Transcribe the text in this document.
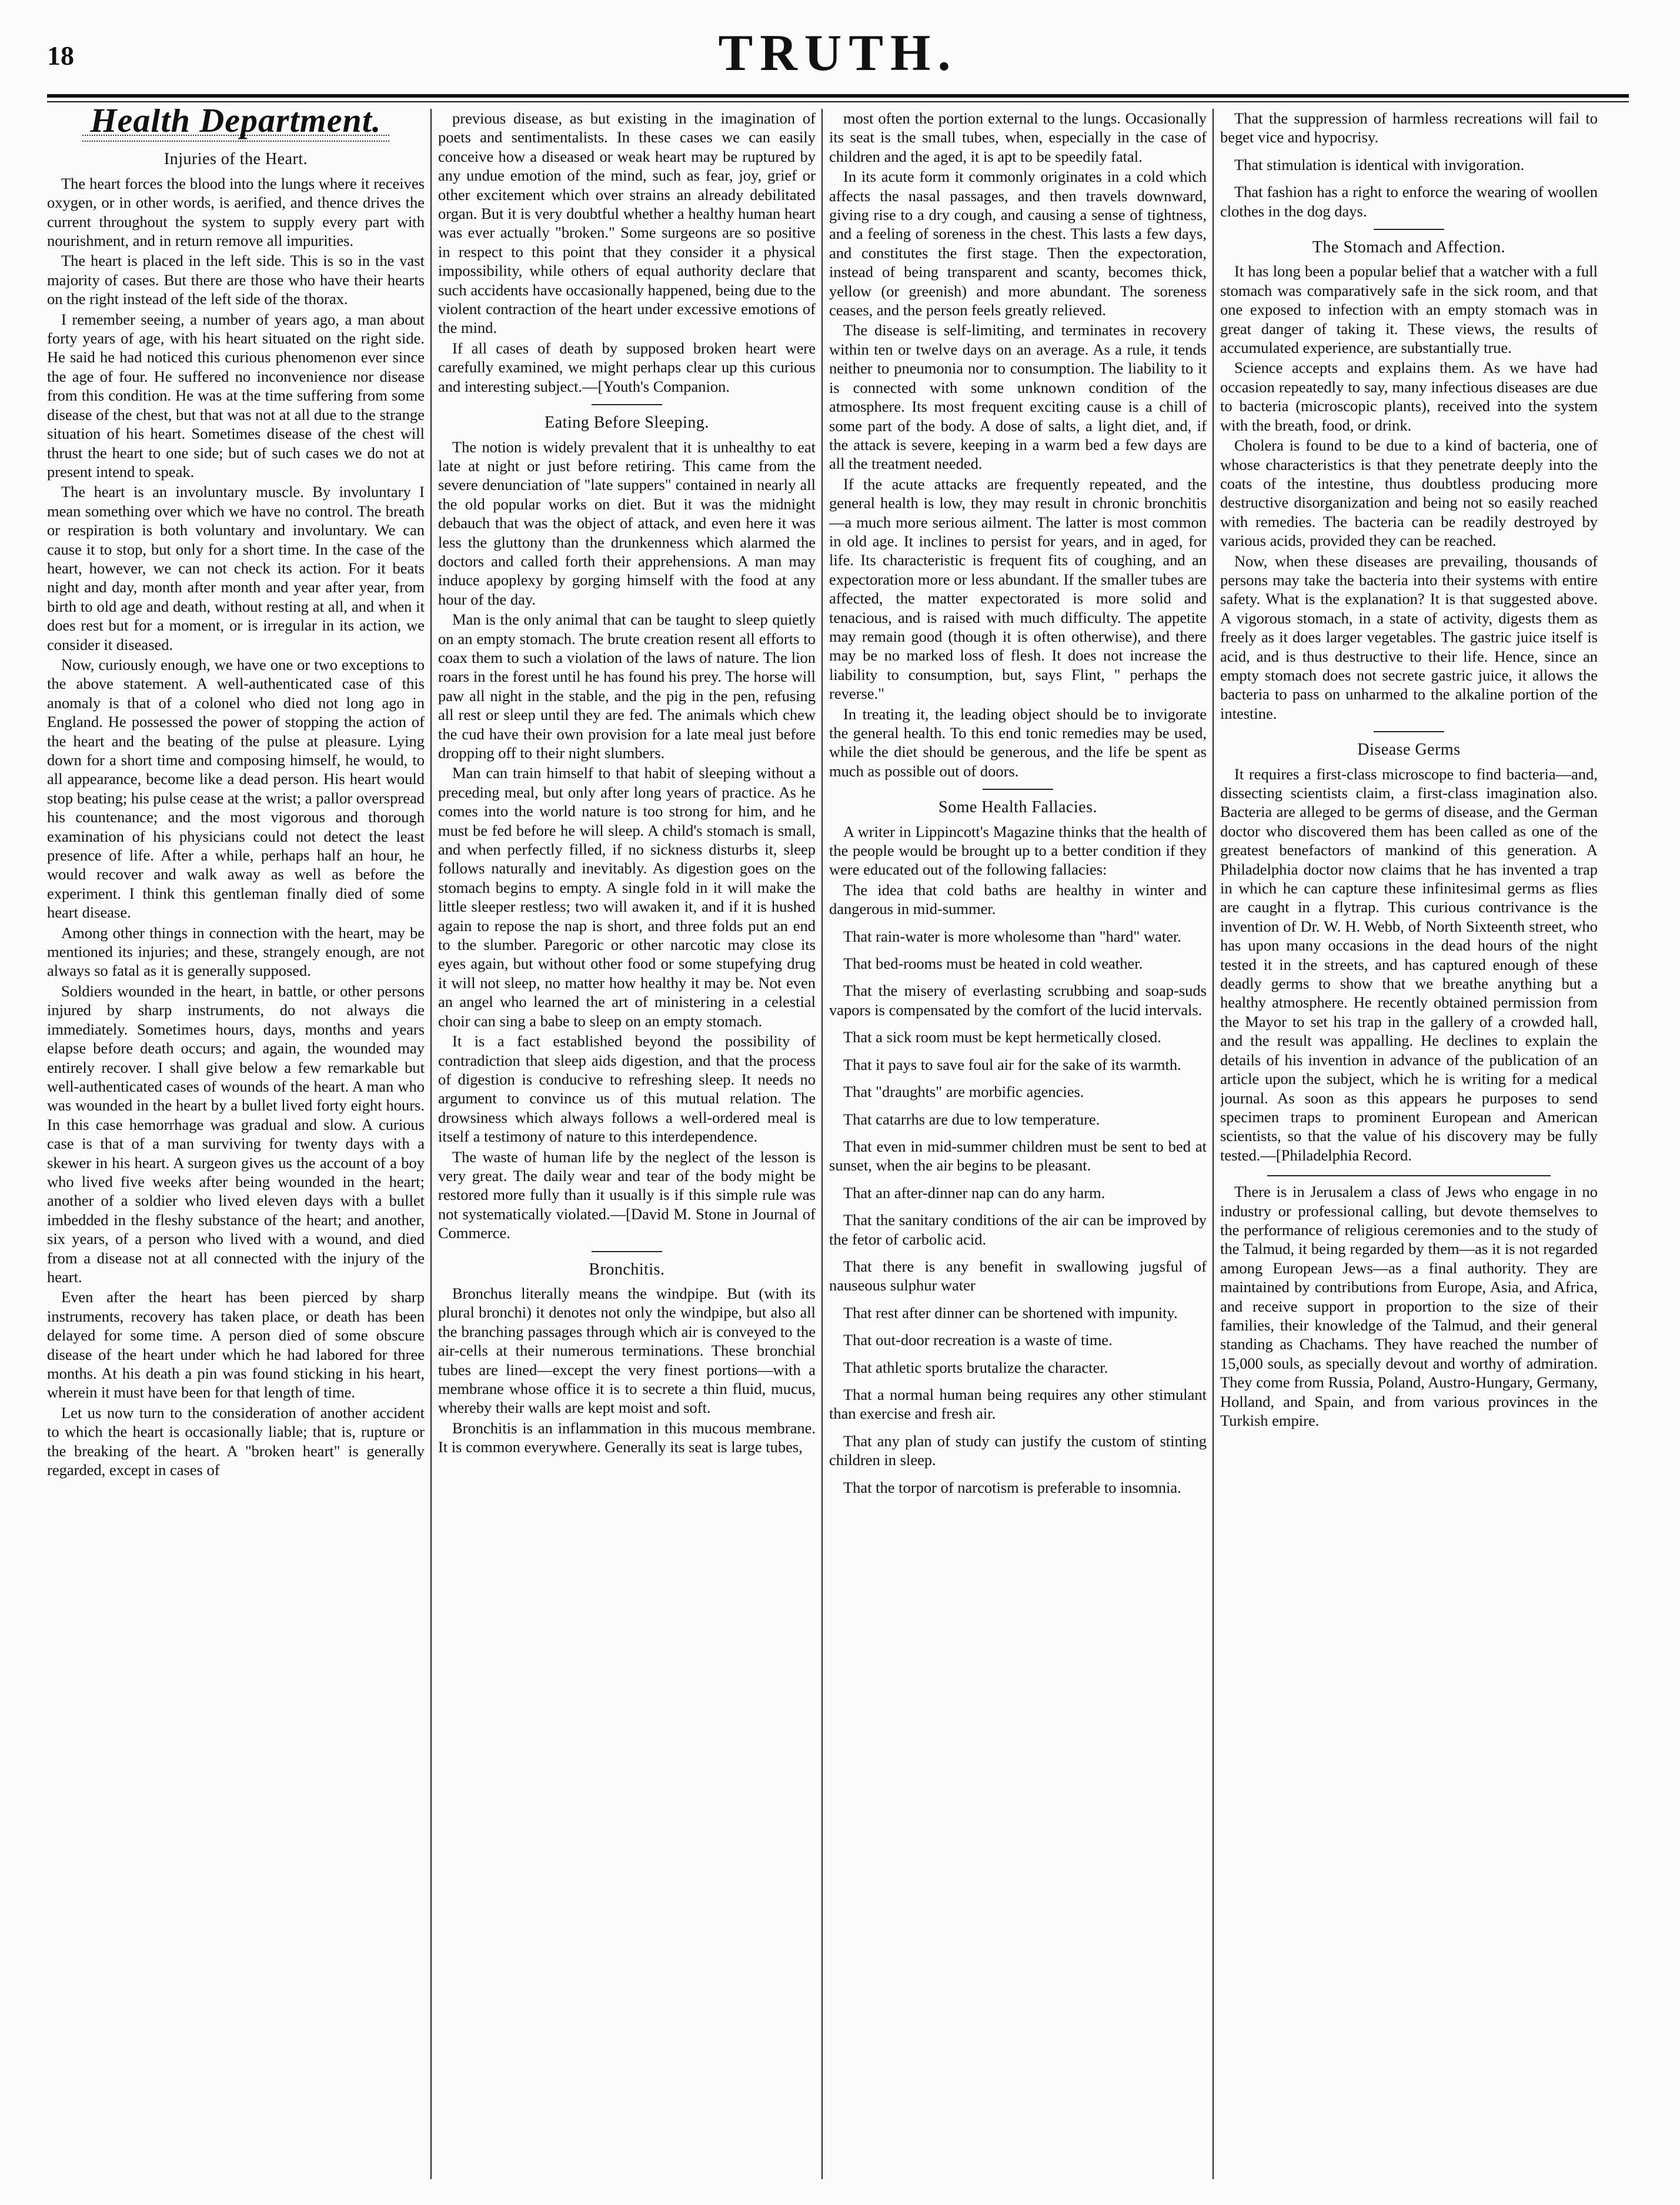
18	TRUTH.
Health Department.
Injuries of the Heart.

The heart forces the blood into the lungs where it receives oxygen, or in other words, is aerified, and thence drives the current throughout the system to supply every part with nourishment, and in return remove all impurities.

The heart is placed in the left side. This is so in the vast majority of cases. But there are those who have their hearts on the right instead of the left side of the thorax.

I remember seeing, a number of years ago, a man about forty years of age, with his heart situated on the right side. He said he had noticed this curious phenomenon ever since the age of four. He suffered no inconvenience nor disease from this condition. He was at the time suffering from some disease of the chest, but that was not at all due to the strange situation of his heart. Sometimes disease of the chest will thrust the heart to one side; but of such cases we do not at present intend to speak.

The heart is an involuntary muscle. By involuntary I mean something over which we have no control. The breath or respiration is both voluntary and involuntary. We can cause it to stop, but only for a short time. In the case of the heart, however, we can not check its action. For it beats night and day, month after month and year after year, from birth to old age and death, without resting at all, and when it does rest but for a moment, or is irregular in its action, we consider it diseased.

Now, curiously enough, we have one or two exceptions to the above statement. A well-authenticated case of this anomaly is that of a colonel who died not long ago in England. He possessed the power of stopping the action of the heart and the beating of the pulse at pleasure. Lying down for a short time and composing himself, he would, to all appearance, become like a dead person. His heart would stop beating; his pulse cease at the wrist; a pallor overspread his countenance; and the most vigorous and thorough examination of his physicians could not detect the least presence of life. After a while, perhaps half an hour, he would recover and walk away as well as before the experiment. I think this gentleman finally died of some heart disease.

Among other things in connection with the heart, may be mentioned its injuries; and these, strangely enough, are not always so fatal as it is generally supposed.

Soldiers wounded in the heart, in battle, or other persons injured by sharp instruments, do not always die immediately. Sometimes hours, days, months and years elapse before death occurs; and again, the wounded may entirely recover. I shall give below a few remarkable but well-authenticated cases of wounds of the heart. A man who was wounded in the heart by a bullet lived forty eight hours. In this case hemorrhage was gradual and slow. A curious case is that of a man surviving for twenty days with a skewer in his heart. A surgeon gives us the account of a boy who lived five weeks after being wounded in the heart; another of a soldier who lived eleven days with a bullet imbedded in the fleshy substance of the heart; and another, six years, of a person who lived with a wound, and died from a disease not at all connected with the injury of the heart.

Even after the heart has been pierced by sharp instruments, recovery has taken place, or death has been delayed for some time. A person died of some obscure disease of the heart under which he had labored for three months. At his death a pin was found sticking in his heart, wherein it must have been for that length of time.

Let us now turn to the consideration of another accident to which the heart is occasionally liable; that is, rupture or the breaking of the heart. A "broken heart" is generally regarded, except in cases of

previous disease, as but existing in the imagination of poets and sentimentalists. In these cases we can easily conceive how a diseased or weak heart may be ruptured by any undue emotion of the mind, such as fear, joy, grief or other excitement which over strains an already debilitated organ. But it is very doubtful whether a healthy human heart was ever actually "broken." Some surgeons are so positive in respect to this point that they consider it a physical impossibility, while others of equal authority declare that such accidents have occasionally happened, being due to the violent contraction of the heart under excessive emotions of the mind.

If all cases of death by supposed broken heart were carefully examined, we might perhaps clear up this curious and interesting subject.—[Youth's Companion.

Eating Before Sleeping.

The notion is widely prevalent that it is unhealthy to eat late at night or just before retiring. This came from the severe denunciation of "late suppers" contained in nearly all the old popular works on diet. But it was the midnight debauch that was the object of attack, and even here it was less the gluttony than the drunkenness which alarmed the doctors and called forth their apprehensions. A man may induce apoplexy by gorging himself with the food at any hour of the day.

Man is the only animal that can be taught to sleep quietly on an empty stomach. The brute creation resent all efforts to coax them to such a violation of the laws of nature. The lion roars in the forest until he has found his prey. The horse will paw all night in the stable, and the pig in the pen, refusing all rest or sleep until they are fed. The animals which chew the cud have their own provision for a late meal just before dropping off to their night slumbers.

Man can train himself to that habit of sleeping without a preceding meal, but only after long years of practice. As he comes into the world nature is too strong for him, and he must be fed before he will sleep. A child's stomach is small, and when perfectly filled, if no sickness disturbs it, sleep follows naturally and inevitably. As digestion goes on the stomach begins to empty. A single fold in it will make the little sleeper restless; two will awaken it, and if it is hushed again to repose the nap is short, and three folds put an end to the slumber. Paregoric or other narcotic may close its eyes again, but without other food or some stupefying drug it will not sleep, no matter how healthy it may be. Not even an angel who learned the art of ministering in a celestial choir can sing a babe to sleep on an empty stomach.

It is a fact established beyond the possibility of contradiction that sleep aids digestion, and that the process of digestion is conducive to refreshing sleep. It needs no argument to convince us of this mutual relation. The drowsiness which always follows a well-ordered meal is itself a testimony of nature to this interdependence.

The waste of human life by the neglect of the lesson is very great. The daily wear and tear of the body might be restored more fully than it usually is if this simple rule was not systematically violated.—[David M. Stone in Journal of Commerce.

Bronchitis.

Bronchus literally means the windpipe. But (with its plural bronchi) it denotes not only the windpipe, but also all the branching passages through which air is conveyed to the air-cells at their numerous terminations. These bronchial tubes are lined—except the very finest portions—with a membrane whose office it is to secrete a thin fluid, mucus, whereby their walls are kept moist and soft.

Bronchitis is an inflammation in this mucous membrane. It is common everywhere. Generally its seat is large tubes,

most often the portion external to the lungs. Occasionally its seat is the small tubes, when, especially in the case of children and the aged, it is apt to be speedily fatal.

In its acute form it commonly originates in a cold which affects the nasal passages, and then travels downward, giving rise to a dry cough, and causing a sense of tightness, and a feeling of soreness in the chest. This lasts a few days, and constitutes the first stage. Then the expectoration, instead of being transparent and scanty, becomes thick, yellow (or greenish) and more abundant. The soreness ceases, and the person feels greatly relieved.

The disease is self-limiting, and terminates in recovery within ten or twelve days on an average. As a rule, it tends neither to pneumonia nor to consumption. The liability to it is connected with some unknown condition of the atmosphere. Its most frequent exciting cause is a chill of some part of the body. A dose of salts, a light diet, and, if the attack is severe, keeping in a warm bed a few days are all the treatment needed.

If the acute attacks are frequently repeated, and the general health is low, they may result in chronic bronchitis—a much more serious ailment. The latter is most common in old age. It inclines to persist for years, and in aged, for life. Its characteristic is frequent fits of coughing, and an expectoration more or less abundant. If the smaller tubes are affected, the matter expectorated is more solid and tenacious, and is raised with much difficulty. The appetite may remain good (though it is often otherwise), and there may be no marked loss of flesh. It does not increase the liability to consumption, but, says Flint, " perhaps the reverse."

In treating it, the leading object should be to invigorate the general health. To this end tonic remedies may be used, while the diet should be generous, and the life be spent as much as possible out of doors.

Some Health Fallacies.

A writer in Lippincott's Magazine thinks that the health of the people would be brought up to a better condition if they were educated out of the following fallacies:

The idea that cold baths are healthy in winter and dangerous in mid-summer.

That rain-water is more wholesome than "hard" water.

That bed-rooms must be heated in cold weather.

That the misery of everlasting scrubbing and soap-suds vapors is compensated by the comfort of the lucid intervals.

That a sick room must be kept hermetically closed.

That it pays to save foul air for the sake of its warmth.

That "draughts" are morbific agencies.

That catarrhs are due to low temperature.

That even in mid-summer children must be sent to bed at sunset, when the air begins to be pleasant.

That an after-dinner nap can do any harm.

That the sanitary conditions of the air can be improved by the fetor of carbolic acid.

That there is any benefit in swallowing jugsful of nauseous sulphur water

That rest after dinner can be shortened with impunity.

That out-door recreation is a waste of time.

That athletic sports brutalize the character.

That a normal human being requires any other stimulant than exercise and fresh air.

That any plan of study can justify the custom of stinting children in sleep.

That the torpor of narcotism is preferable to insomnia.

That the suppression of harmless recreations will fail to beget vice and hypocrisy.

That stimulation is identical with invigoration.

That fashion has a right to enforce the wearing of woollen clothes in the dog days.

The Stomach and Affection.

It has long been a popular belief that a watcher with a full stomach was comparatively safe in the sick room, and that one exposed to infection with an empty stomach was in great danger of taking it. These views, the results of accumulated experience, are substantially true.

Science accepts and explains them. As we have had occasion repeatedly to say, many infectious diseases are due to bacteria (microscopic plants), received into the system with the breath, food, or drink.

Cholera is found to be due to a kind of bacteria, one of whose characteristics is that they penetrate deeply into the coats of the intestine, thus doubtless producing more destructive disorganization and being not so easily reached with remedies. The bacteria can be readily destroyed by various acids, provided they can be reached.

Now, when these diseases are prevailing, thousands of persons may take the bacteria into their systems with entire safety. What is the explanation? It is that suggested above. A vigorous stomach, in a state of activity, digests them as freely as it does larger vegetables. The gastric juice itself is acid, and is thus destructive to their life. Hence, since an empty stomach does not secrete gastric juice, it allows the bacteria to pass on unharmed to the alkaline portion of the intestine.

Disease Germs

It requires a first-class microscope to find bacteria—and, dissecting scientists claim, a first-class imagination also. Bacteria are alleged to be germs of disease, and the German doctor who discovered them has been called as one of the greatest benefactors of mankind of this generation. A Philadelphia doctor now claims that he has invented a trap in which he can capture these infinitesimal germs as flies are caught in a flytrap. This curious contrivance is the invention of Dr. W. H. Webb, of North Sixteenth street, who has upon many occasions in the dead hours of the night tested it in the streets, and has captured enough of these deadly germs to show that we breathe anything but a healthy atmosphere. He recently obtained permission from the Mayor to set his trap in the gallery of a crowded hall, and the result was appalling. He declines to explain the details of his invention in advance of the publication of an article upon the subject, which he is writing for a medical journal. As soon as this appears he purposes to send specimen traps to prominent European and American scientists, so that the value of his discovery may be fully tested.—[Philadelphia Record.

There is in Jerusalem a class of Jews who engage in no industry or professional calling, but devote themselves to the performance of religious ceremonies and to the study of the Talmud, it being regarded by them—as it is not regarded among European Jews—as a final authority. They are maintained by contributions from Europe, Asia, and Africa, and receive support in proportion to the size of their families, their knowledge of the Talmud, and their general standing as Chachams. They have reached the number of 15,000 souls, as specially devout and worthy of admiration. They come from Russia, Poland, Austro-Hungary, Germany, Holland, and Spain, and from various provinces in the Turkish empire.
